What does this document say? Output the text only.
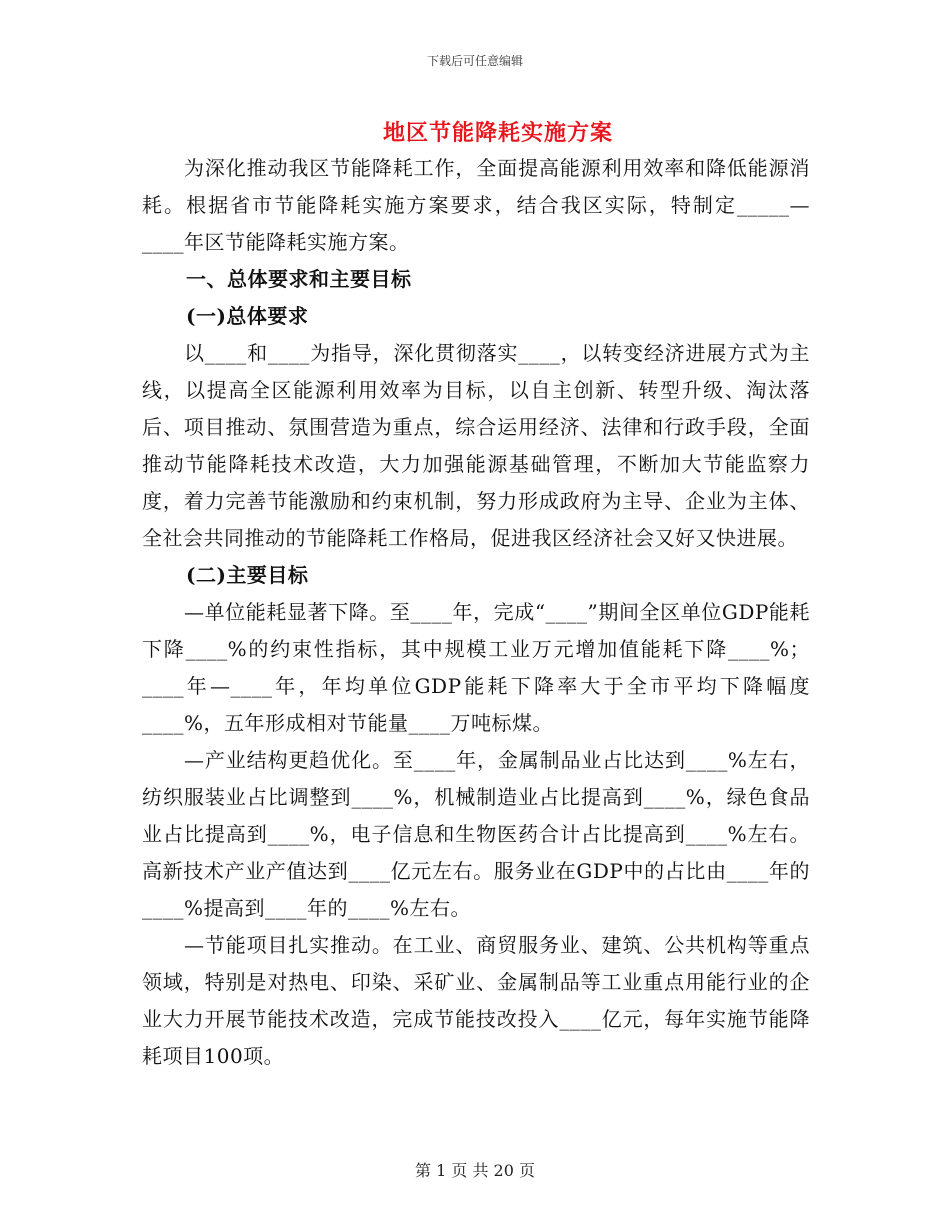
下载后可任意编辑
地区节能降耗实施方案

为深化推动我区节能降耗工作，全面提高能源利用效率和降低能源消耗。根据省市节能降耗实施方案要求，结合我区实际，特制定_____—____年区节能降耗实施方案。

一、总体要求和主要目标

(一)总体要求

以____和____为指导，深化贯彻落实____，以转变经济进展方式为主线，以提高全区能源利用效率为目标，以自主创新、转型升级、淘汰落后、项目推动、氛围营造为重点，综合运用经济、法律和行政手段，全面推动节能降耗技术改造，大力加强能源基础管理，不断加大节能监察力度，着力完善节能激励和约束机制，努力形成政府为主导、企业为主体、全社会共同推动的节能降耗工作格局，促进我区经济社会又好又快进展。

(二)主要目标

—单位能耗显著下降。至____年，完成“____”期间全区单位GDP能耗下降____%的约束性指标，其中规模工业万元增加值能耗下降____%；____年—____年，年均单位GDP能耗下降率大于全市平均下降幅度____%，五年形成相对节能量____万吨标煤。

—产业结构更趋优化。至____年，金属制品业占比达到____%左右，纺织服装业占比调整到____%，机械制造业占比提高到____%，绿色食品业占比提高到____%，电子信息和生物医药合计占比提高到____%左右。高新技术产业产值达到____亿元左右。服务业在GDP中的占比由____年的____%提高到____年的____%左右。

—节能项目扎实推动。在工业、商贸服务业、建筑、公共机构等重点领域，特别是对热电、印染、采矿业、金属制品等工业重点用能行业的企业大力开展节能技术改造，完成节能技改投入____亿元，每年实施节能降耗项目100项。

第 1 页 共 20 页
